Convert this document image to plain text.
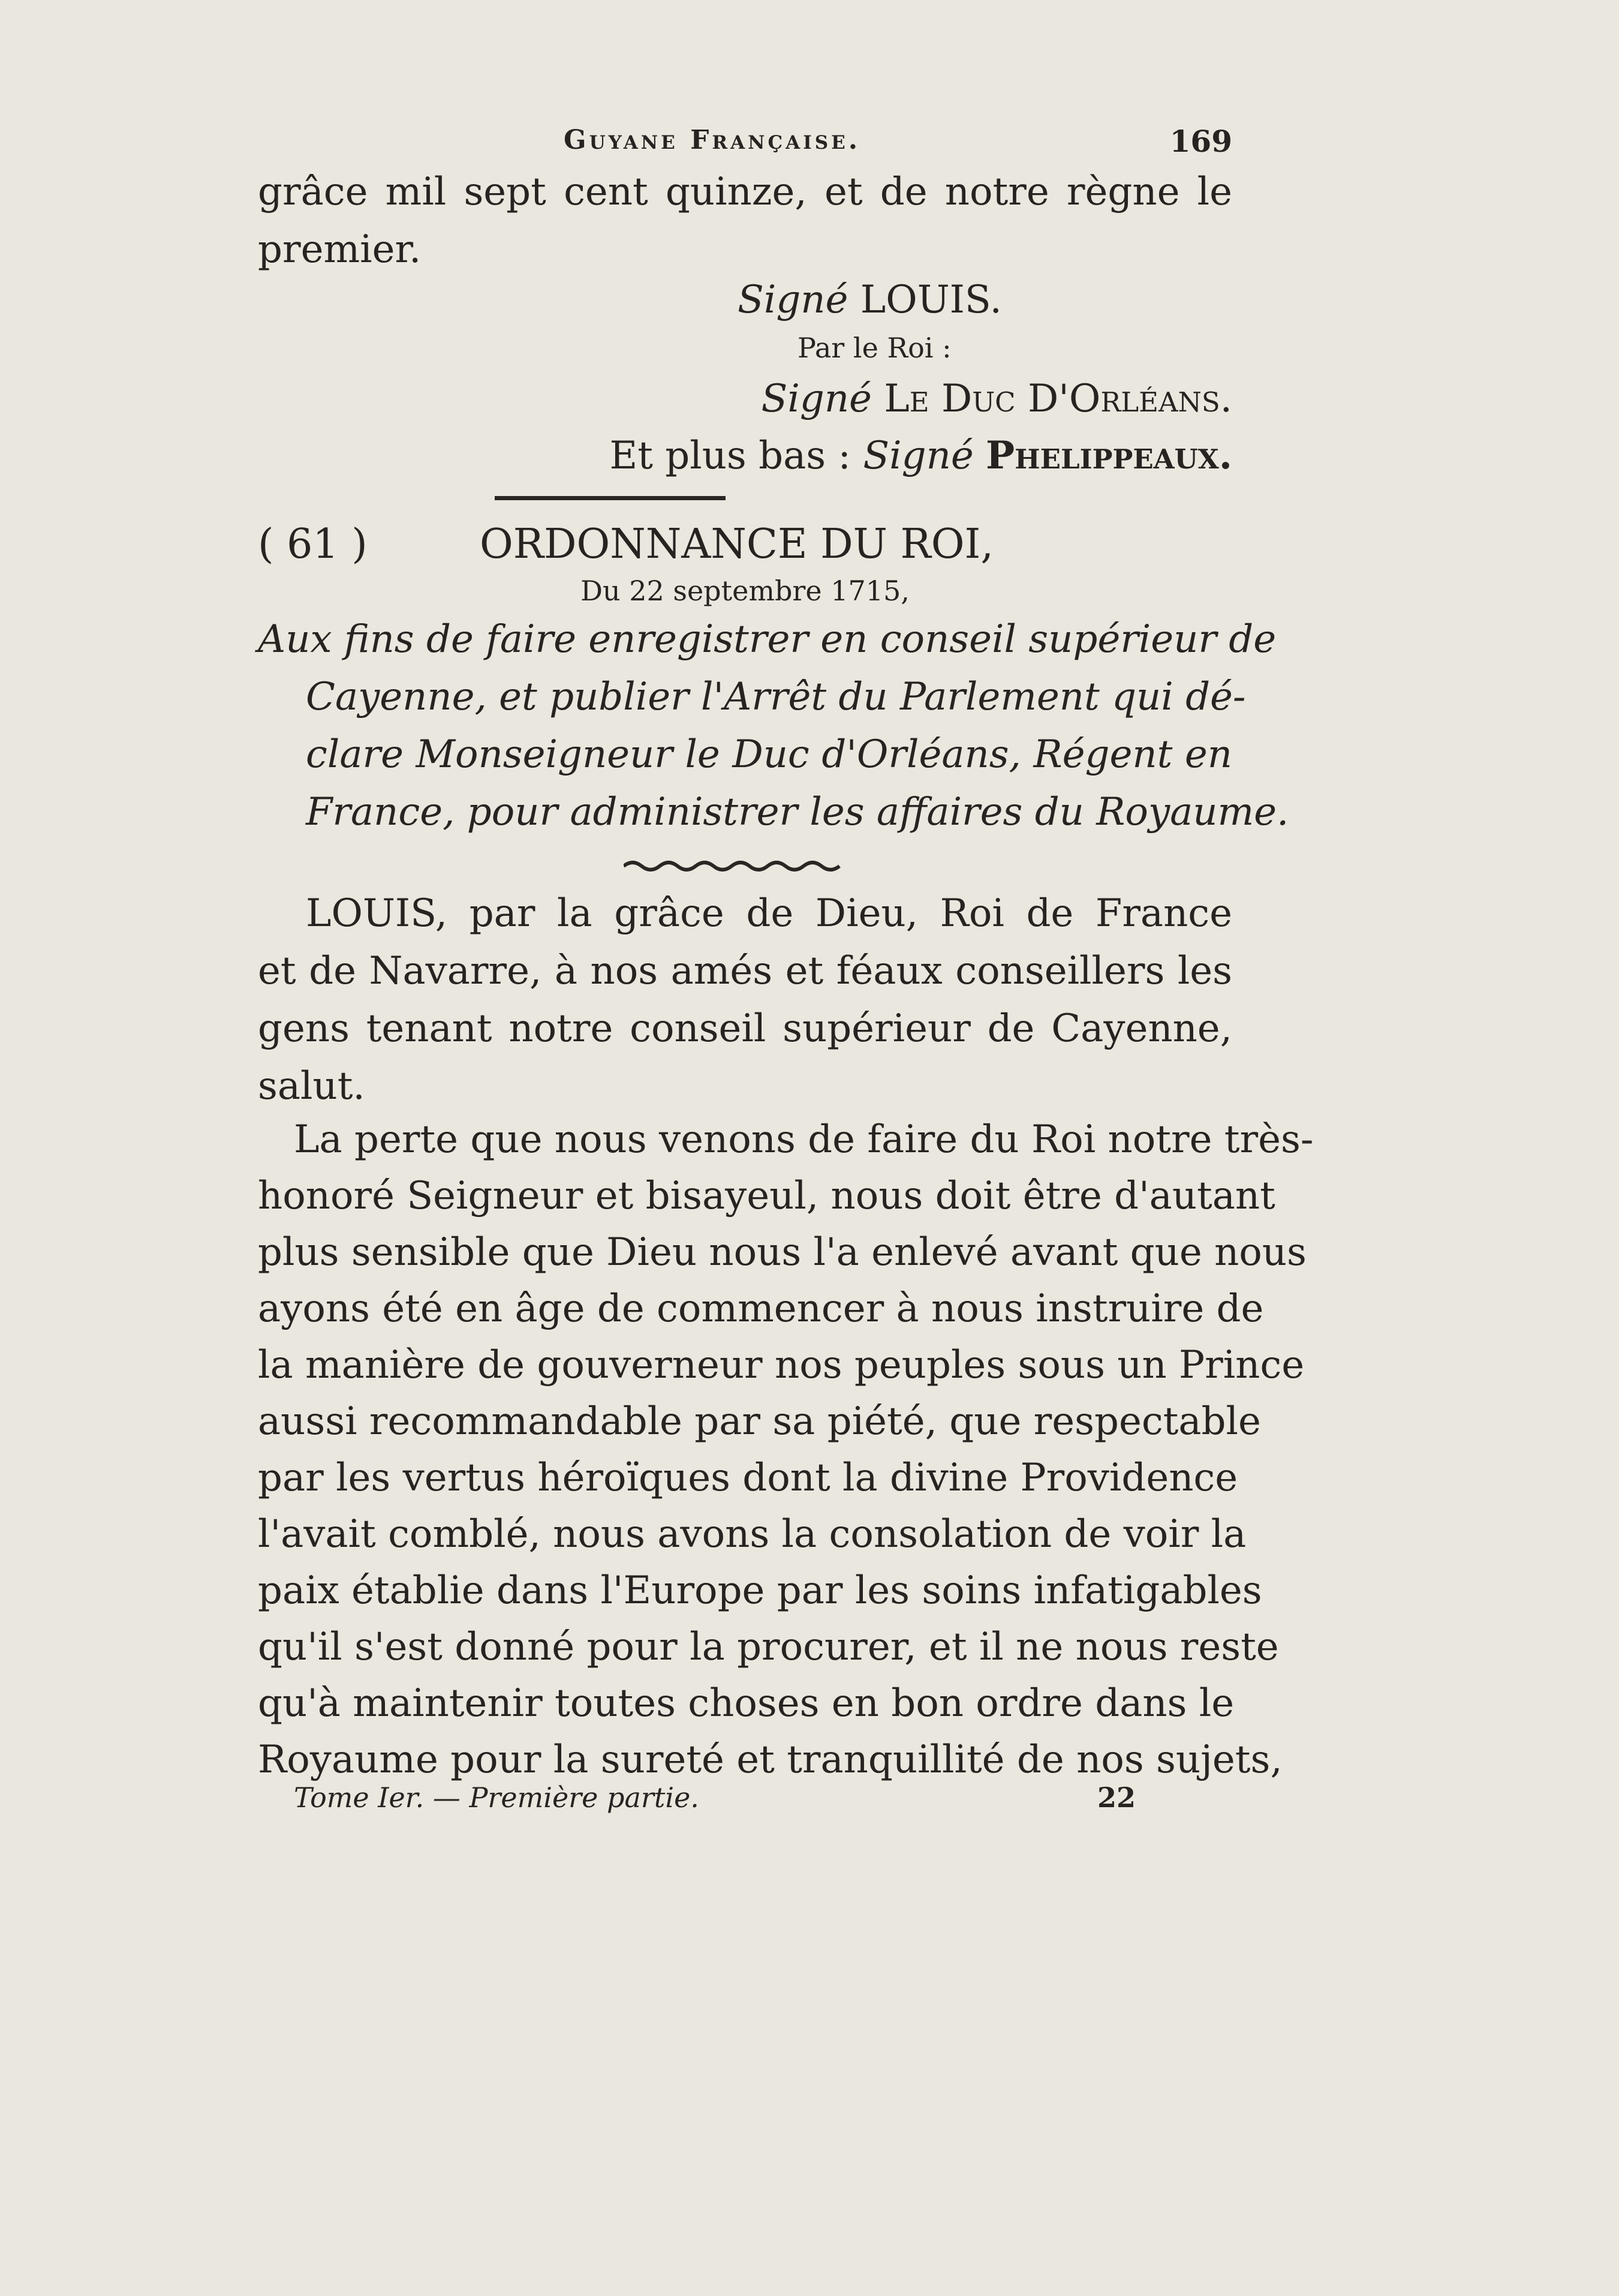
Guyane Française.	169
grâce mil sept cent quinze, et de notre règne le
premier.
Signé LOUIS.
Par le Roi :
Signé Le Duc D'Orléans.
Et plus bas : Signé Phelippeaux.
( 61 )	ORDONNANCE DU ROI,
Du 22 septembre 1715,
Aux fins de faire enregistrer en conseil supérieur de
Cayenne, et publier l'Arrêt du Parlement qui dé-
clare Monseigneur le Duc d'Orléans, Régent en
France, pour administrer les affaires du Royaume.
LOUIS, par la grâce de Dieu, Roi de France
et de Navarre, à nos amés et féaux conseillers les
gens tenant notre conseil supérieur de Cayenne,
salut.
La perte que nous venons de faire du Roi notre très-
honoré Seigneur et bisayeul, nous doit être d'autant
plus sensible que Dieu nous l'a enlevé avant que nous
ayons été en âge de commencer à nous instruire de
la manière de gouverneur nos peuples sous un Prince
aussi recommandable par sa piété, que respectable
par les vertus héroïques dont la divine Providence
l'avait comblé, nous avons la consolation de voir la
paix établie dans l'Europe par les soins infatigables
qu'il s'est donné pour la procurer, et il ne nous reste
qu'à maintenir toutes choses en bon ordre dans le
Royaume pour la sureté et tranquillité de nos sujets,
Tome Ier. — Première partie.	22
